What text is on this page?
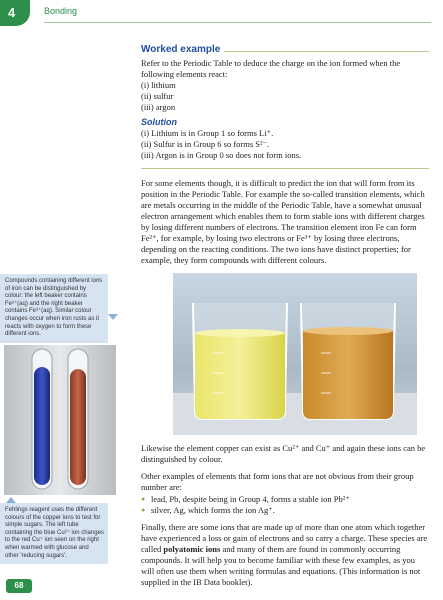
4	Bonding
Worked example
Refer to the Periodic Table to deduce the charge on the ion formed when the following elements react:
(i) lithium
(ii) sulfur
(iii) argon
Solution
(i) Lithium is in Group 1 so forms Li⁺.
(ii) Sulfur is in Group 6 so forms S²⁻.
(iii) Argon is in Group 0 so does not form ions.

For some elements though, it is difficult to predict the ion that will form from its position in the Periodic Table. For example the so-called transition elements, which are metals occurring in the middle of the Periodic Table, have a somewhat unusual electron arrangement which enables them to form stable ions with different charges by losing different numbers of electrons. The transition element iron Fe can form Fe²⁺, for example, by losing two electrons or Fe³⁺ by losing three electrons, depending on the reacting conditions. The two ions have distinct properties; for example, they form compounds with different colours.

Compounds containing different ions of iron can be distinguished by colour: the left beaker contains Fe²⁺(aq) and the right beaker contains Fe³⁺(aq). Similar colour changes occur when iron rusts as it reacts with oxygen to form these different ions.
Fehlings reagent uses the different colours of the copper ions to test for simple sugars. The left tube containing the blue Cu²⁺ ion changes to the red Cu⁺ ion seen on the right when warmed with glucose and other 'reducing sugars'.

Likewise the element copper can exist as Cu²⁺ and Cu⁺ and again these ions can be distinguished by colour.

Other examples of elements that form ions that are not obvious from their group number are:

● lead, Pb, despite being in Group 4, forms a stable ion Pb²⁺
● silver, Ag, which forms the ion Ag⁺.

Finally, there are some ions that are made up of more than one atom which together have experienced a loss or gain of electrons and so carry a charge. These species are called polyatomic ions and many of them are found in commonly occurring compounds. It will help you to become familiar with these few examples, as you will often use them when writing formulas and equations. (This information is not supplied in the IB Data booklet).

68
